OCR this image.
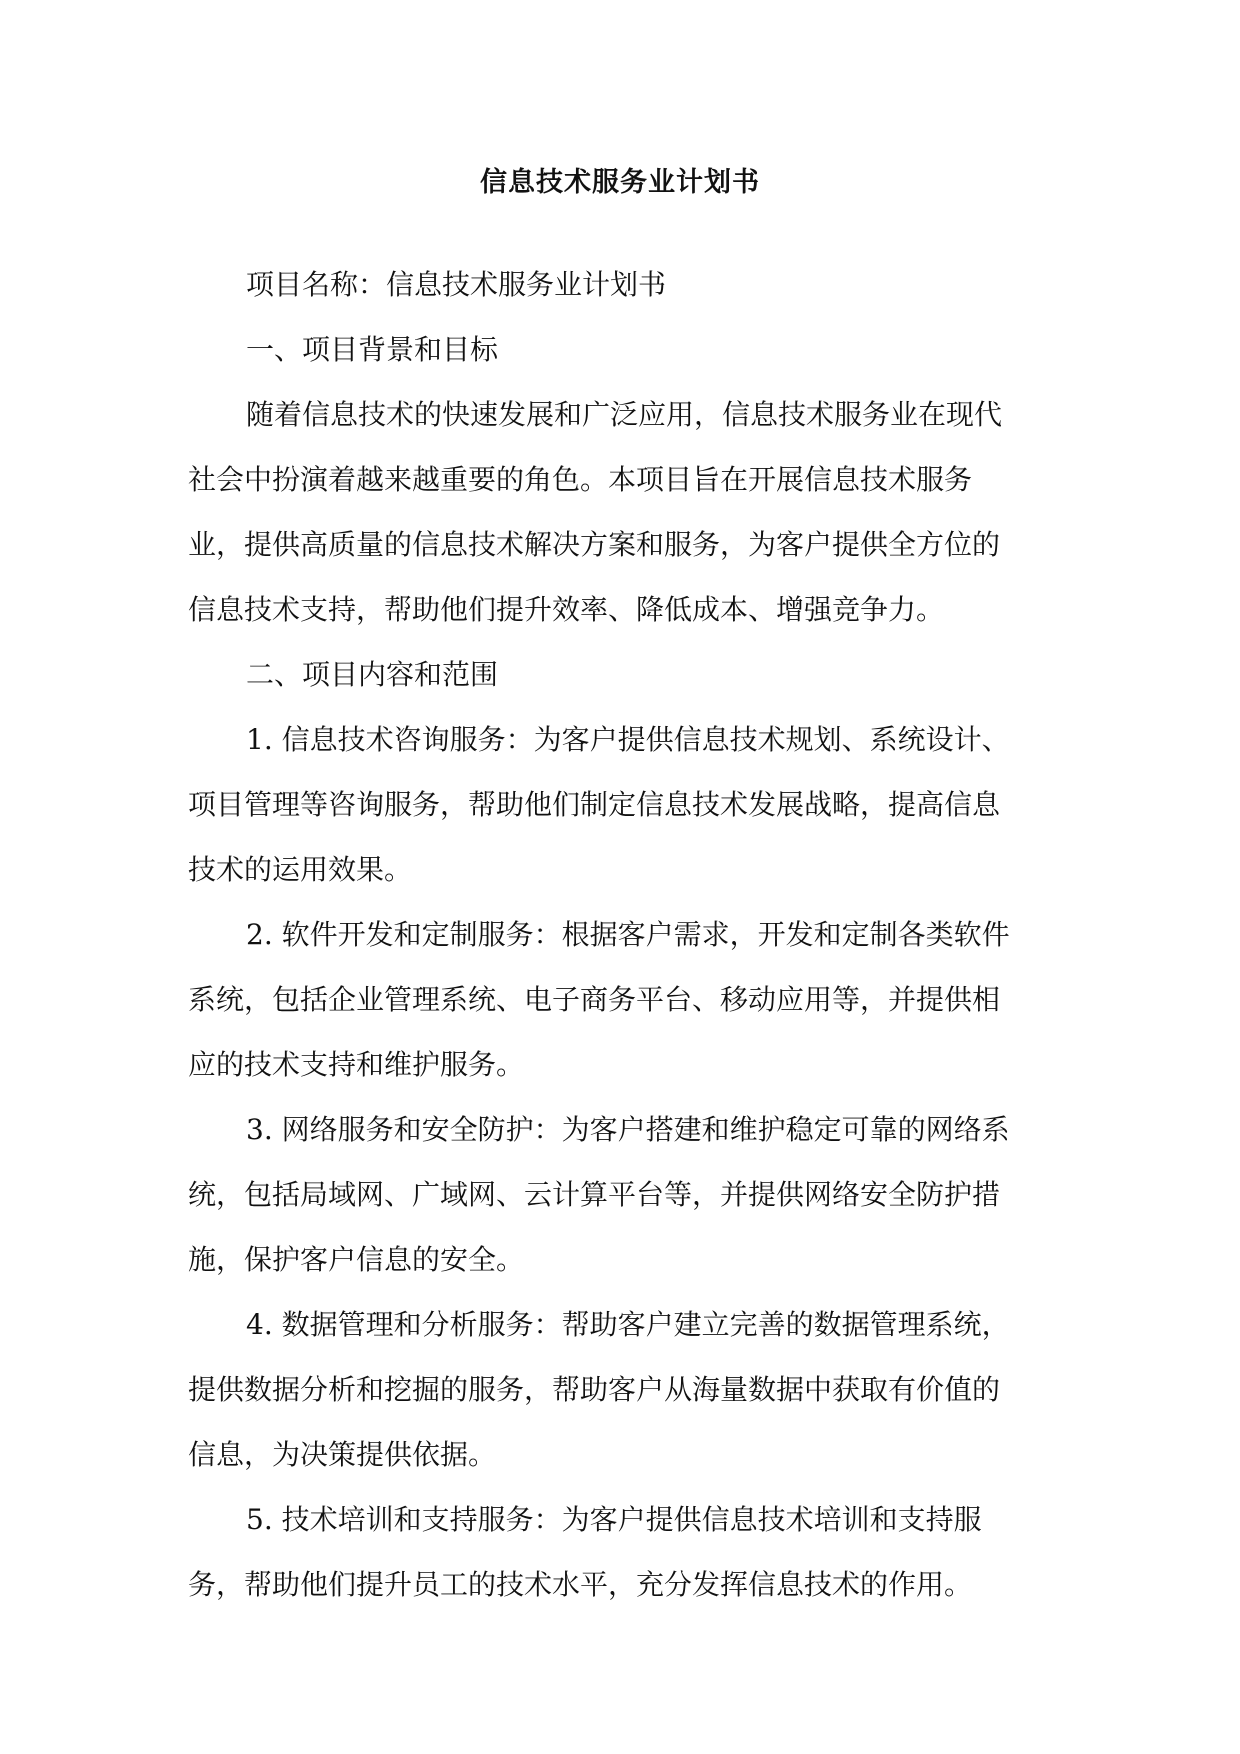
信息技术服务业计划书

项目名称：信息技术服务业计划书

一、项目背景和目标

随着信息技术的快速发展和广泛应用，信息技术服务业在现代

社会中扮演着越来越重要的角色。本项目旨在开展信息技术服务

业，提供高质量的信息技术解决方案和服务，为客户提供全方位的

信息技术支持，帮助他们提升效率、降低成本、增强竞争力。

二、项目内容和范围

1. 信息技术咨询服务：为客户提供信息技术规划、系统设计、

项目管理等咨询服务，帮助他们制定信息技术发展战略，提高信息

技术的运用效果。

2. 软件开发和定制服务：根据客户需求，开发和定制各类软件

系统，包括企业管理系统、电子商务平台、移动应用等，并提供相

应的技术支持和维护服务。

3. 网络服务和安全防护：为客户搭建和维护稳定可靠的网络系

统，包括局域网、广域网、云计算平台等，并提供网络安全防护措

施，保护客户信息的安全。

4. 数据管理和分析服务：帮助客户建立完善的数据管理系统，

提供数据分析和挖掘的服务，帮助客户从海量数据中获取有价值的

信息，为决策提供依据。

5. 技术培训和支持服务：为客户提供信息技术培训和支持服

务，帮助他们提升员工的技术水平，充分发挥信息技术的作用。
